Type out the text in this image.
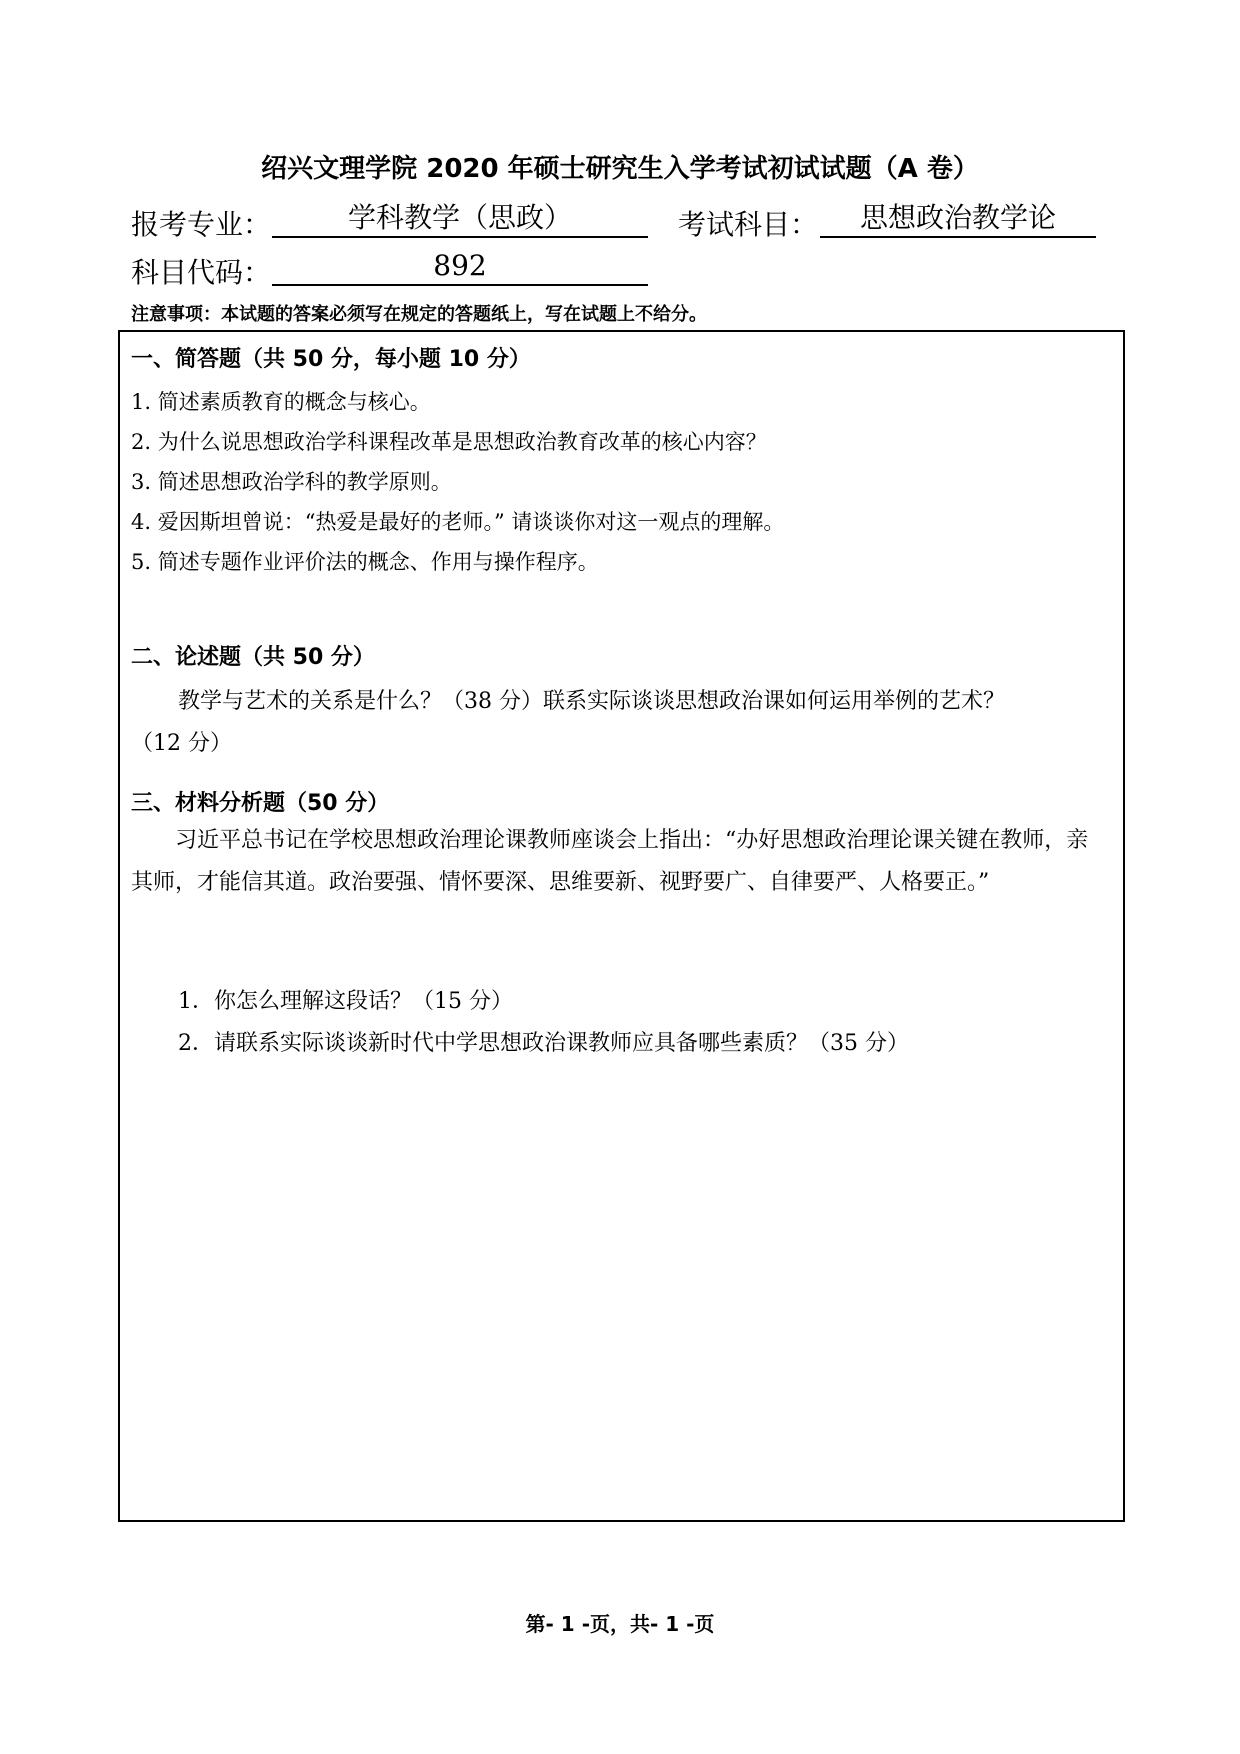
绍兴文理学院 2020 年硕士研究生入学考试初试试题（A 卷）
报考专业：	学科教学（思政）	考试科目：	思想政治教学论
科目代码：	892
注意事项：本试题的答案必须写在规定的答题纸上，写在试题上不给分。
一、简答题（共 50 分，每小题 10 分）
1. 简述素质教育的概念与核心。
2. 为什么说思想政治学科课程改革是思想政治教育改革的核心内容？
3. 简述思想政治学科的教学原则。
4. 爱因斯坦曾说：“热爱是最好的老师。” 请谈谈你对这一观点的理解。
5. 简述专题作业评价法的概念、作用与操作程序。
二、论述题（共 50 分）
教学与艺术的关系是什么？（38 分）联系实际谈谈思想政治课如何运用举例的艺术？
（12 分）
三、材料分析题（50 分）
习近平总书记在学校思想政治理论课教师座谈会上指出：“办好思想政治理论课关键在教师，亲其师，才能信其道。政治要强、情怀要深、思维要新、视野要广、自律要严、人格要正。”
1．你怎么理解这段话？（15 分）
2．请联系实际谈谈新时代中学思想政治课教师应具备哪些素质？（35 分）
第- 1 -页，共- 1 -页
